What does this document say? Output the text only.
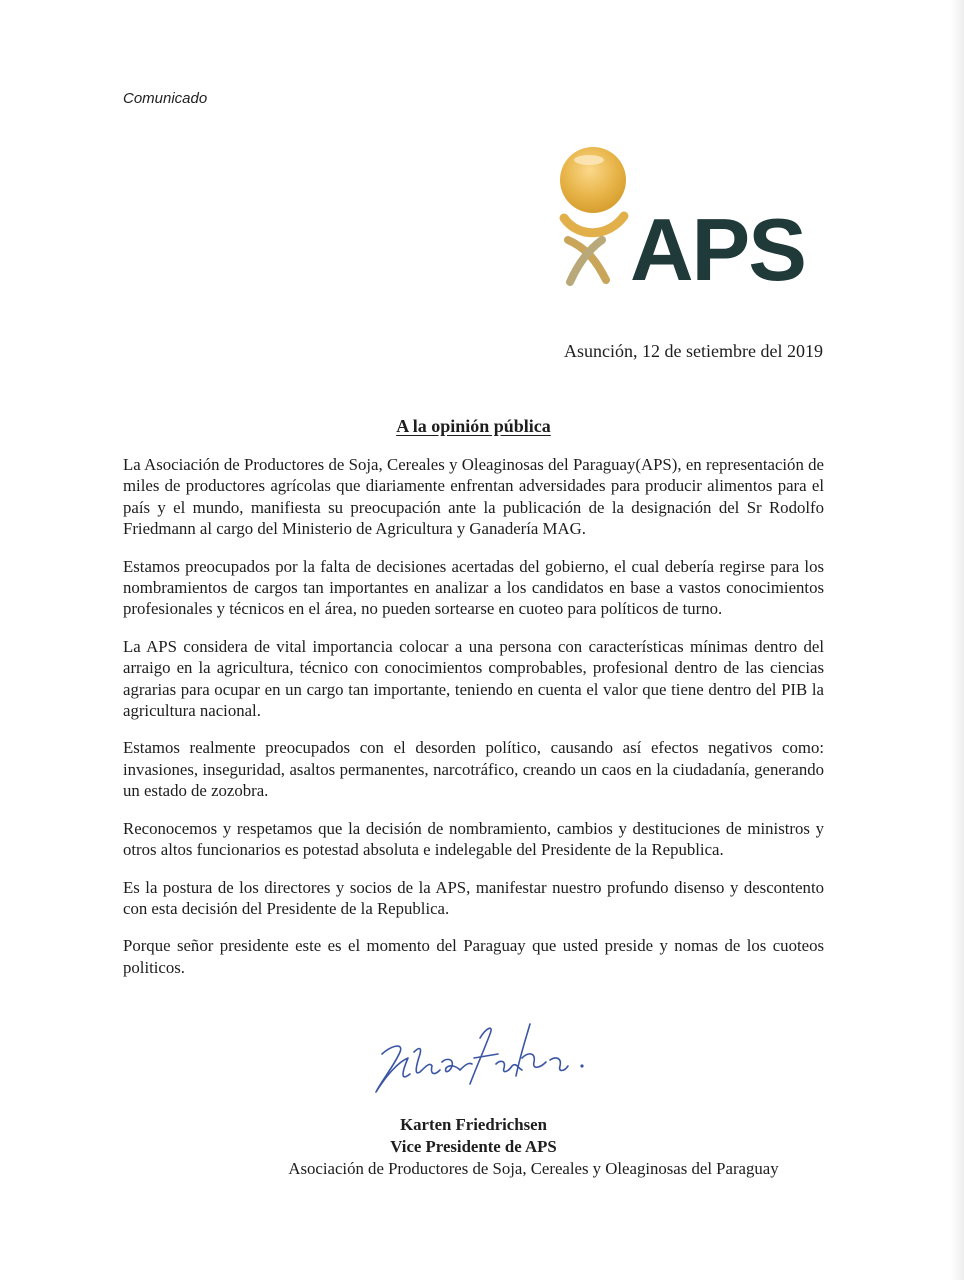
Comunicado
APS
Asunción, 12 de setiembre del 2019
A la opinión pública

La Asociación de Productores de Soja, Cereales y Oleaginosas del Paraguay(APS), en representación de miles de productores agrícolas que diariamente enfrentan adversidades para producir alimentos para el país y el mundo, manifiesta su preocupación ante la publicación de la designación del Sr Rodolfo Friedmann al cargo del Ministerio de Agricultura y Ganadería MAG.

Estamos preocupados por la falta de decisiones acertadas del gobierno, el cual debería regirse para los nombramientos de cargos tan importantes en analizar a los candidatos en base a vastos conocimientos profesionales y técnicos en el área, no pueden sortearse en cuoteo para políticos de turno.

La APS considera de vital importancia colocar a una persona con características mínimas dentro del arraigo en la agricultura, técnico con conocimientos comprobables, profesional dentro de las ciencias agrarias para ocupar en un cargo tan importante, teniendo en cuenta el valor que tiene dentro del PIB la agricultura nacional.

Estamos realmente preocupados con el desorden político, causando así efectos negativos como: invasiones, inseguridad, asaltos permanentes, narcotráfico, creando un caos en la ciudadanía, generando un estado de zozobra.

Reconocemos y respetamos que la decisión de nombramiento, cambios y destituciones de ministros y otros altos funcionarios es potestad absoluta e indelegable del Presidente de la Republica.

Es la postura de los directores y socios de la APS, manifestar nuestro profundo disenso y descontento con esta decisión del Presidente de la Republica.

Porque señor presidente este es el momento del Paraguay que usted preside y nomas de los cuoteos politicos.

Karten Friedrichsen
Vice Presidente de APS
Asociación de Productores de Soja, Cereales y Oleaginosas del Paraguay
